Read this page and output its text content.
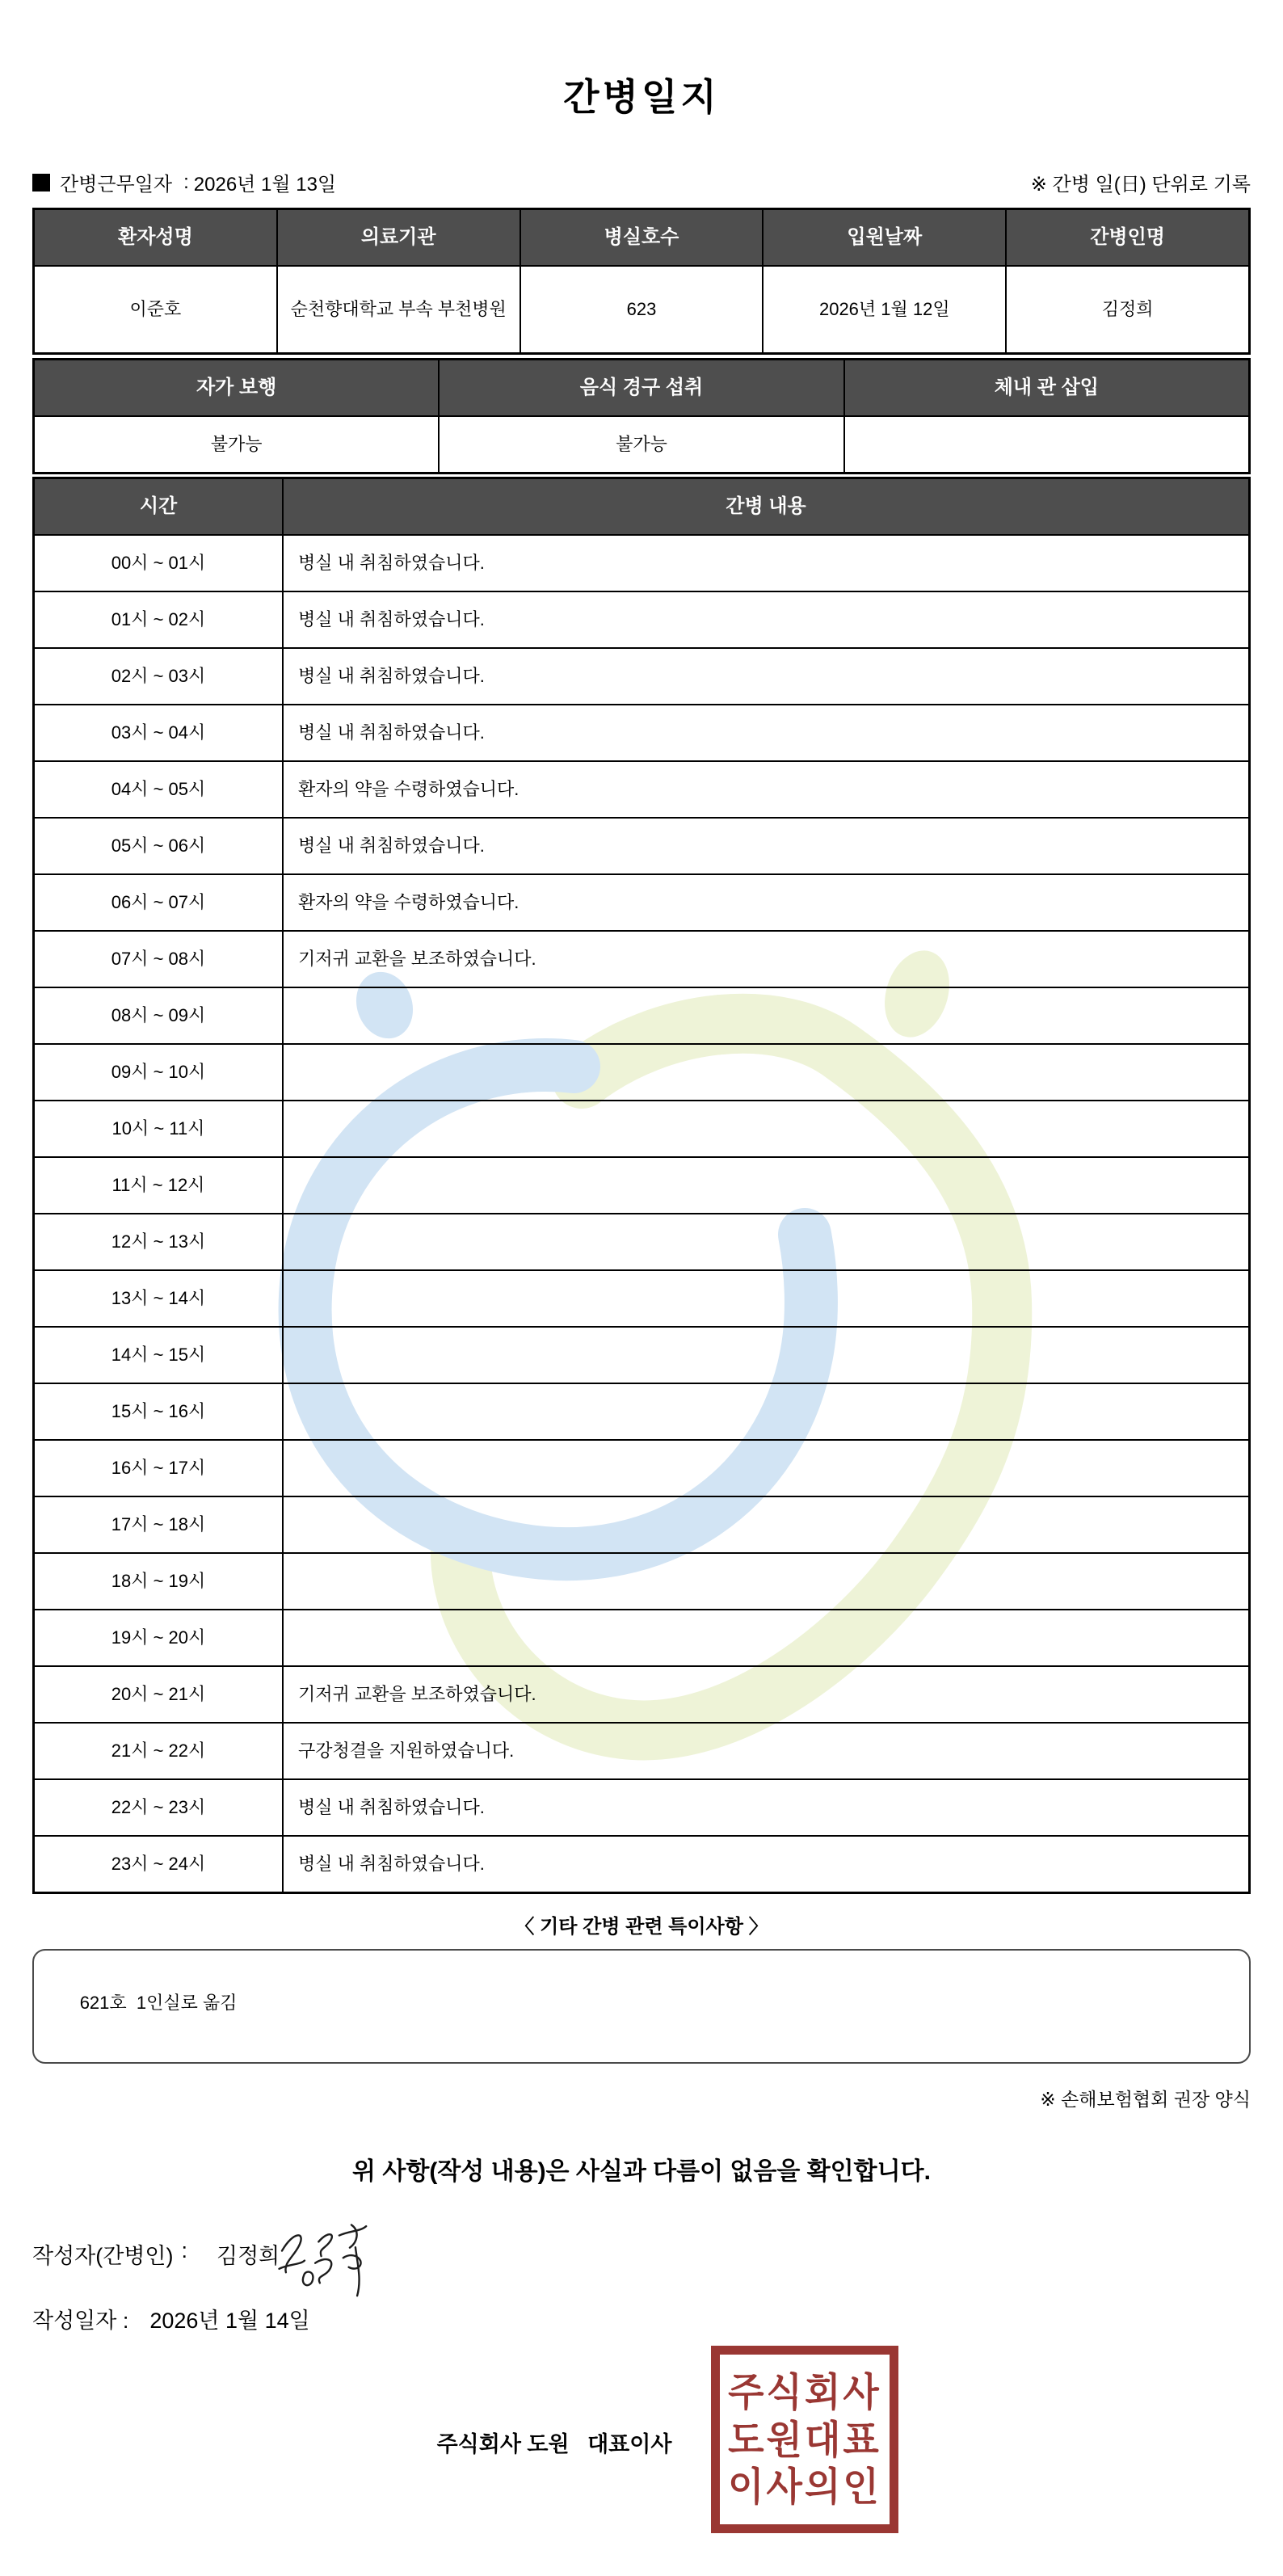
간병일지
간병근무일자 : 2026년 1월 13일	※ 간병 일(日) 단위로 기록
환자성명	의료기관	병실호수	입원날짜	간병인명
이준호	순천향대학교 부속 부천병원	623	2026년 1월 12일	김정희
자가 보행	음식 경구 섭취	체내 관 삽입
불가능	불가능
시간	간병 내용
00시 ~ 01시	병실 내 취침하였습니다.
01시 ~ 02시	병실 내 취침하였습니다.
02시 ~ 03시	병실 내 취침하였습니다.
03시 ~ 04시	병실 내 취침하였습니다.
04시 ~ 05시	환자의 약을 수령하였습니다.
05시 ~ 06시	병실 내 취침하였습니다.
06시 ~ 07시	환자의 약을 수령하였습니다.
07시 ~ 08시	기저귀 교환을 보조하였습니다.
08시 ~ 09시
09시 ~ 10시
10시 ~ 11시
11시 ~ 12시
12시 ~ 13시
13시 ~ 14시
14시 ~ 15시
15시 ~ 16시
16시 ~ 17시
17시 ~ 18시
18시 ~ 19시
19시 ~ 20시
20시 ~ 21시	기저귀 교환을 보조하였습니다.
21시 ~ 22시	구강청결을 지원하였습니다.
22시 ~ 23시	병실 내 취침하였습니다.
23시 ~ 24시	병실 내 취침하였습니다.
〈 기타 간병 관련 특이사항 〉

621호  1인실로 옮김

※ 손해보험협회 권장 양식
위 사항(작성 내용)은 사실과 다름이 없음을 확인합니다.
작성자(간병인) : 김정희
작성일자 : 2026년 1월 14일
주식회사 도원   대표이사
주식회사
도원대표
이사의인
